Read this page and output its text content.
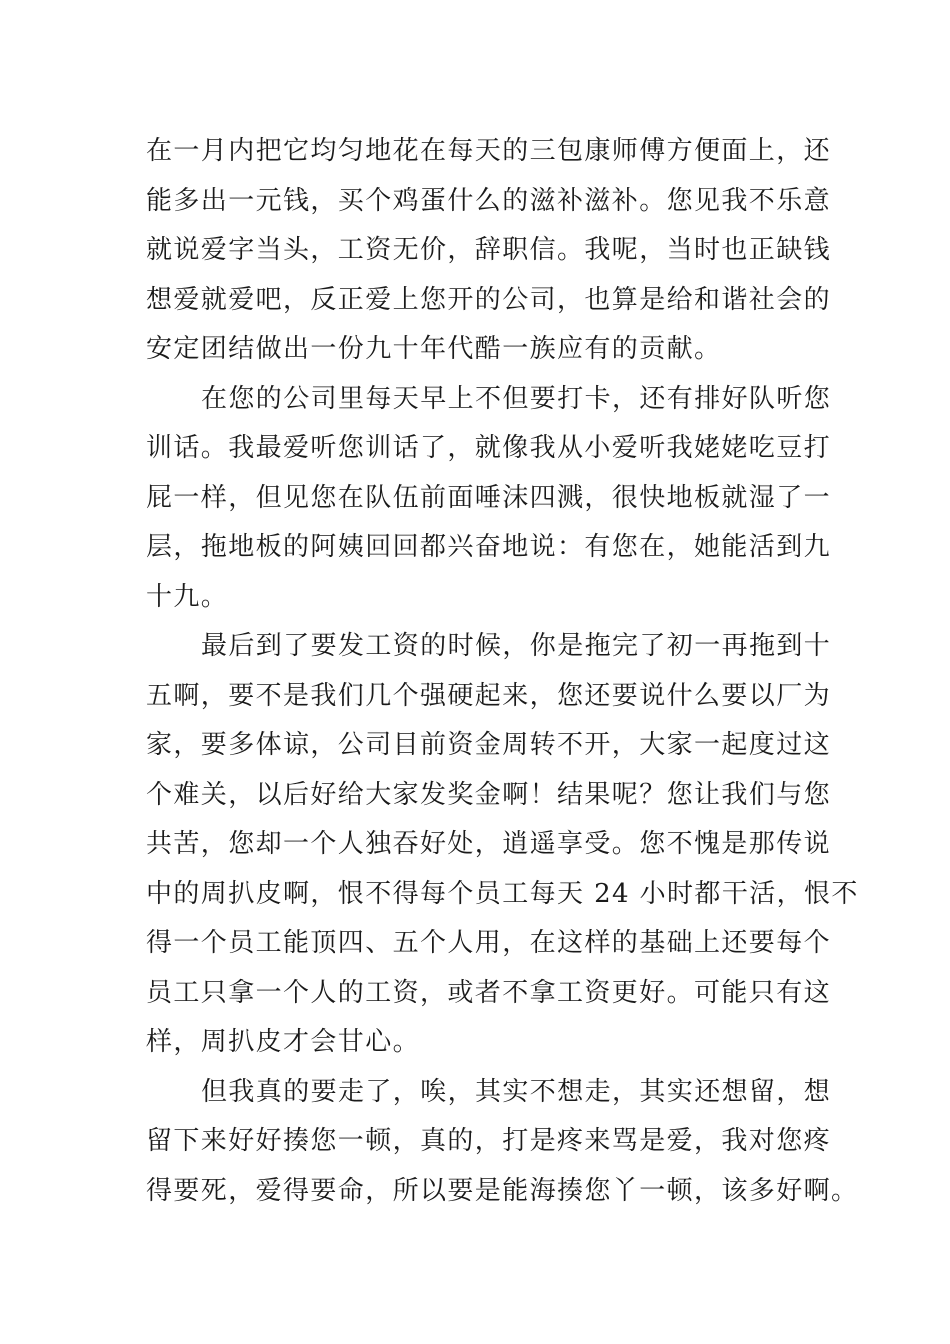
在一月内把它均匀地花在每天的三包康师傅方便面上，还
能多出一元钱，买个鸡蛋什么的滋补滋补。您见我不乐意
就说爱字当头，工资无价，辞职信。我呢，当时也正缺钱
想爱就爱吧，反正爱上您开的公司，也算是给和谐社会的
安定团结做出一份九十年代酷一族应有的贡献。
在您的公司里每天早上不但要打卡，还有排好队听您
训话。我最爱听您训话了，就像我从小爱听我姥姥吃豆打
屁一样，但见您在队伍前面唾沫四溅，很快地板就湿了一
层，拖地板的阿姨回回都兴奋地说：有您在，她能活到九
十九。
最后到了要发工资的时候，你是拖完了初一再拖到十
五啊，要不是我们几个强硬起来，您还要说什么要以厂为
家，要多体谅，公司目前资金周转不开，大家一起度过这
个难关，以后好给大家发奖金啊！结果呢？您让我们与您
共苦，您却一个人独吞好处，逍遥享受。您不愧是那传说
中的周扒皮啊，恨不得每个员工每天 24 小时都干活，恨不
得一个员工能顶四、五个人用，在这样的基础上还要每个
员工只拿一个人的工资，或者不拿工资更好。可能只有这
样，周扒皮才会甘心。
但我真的要走了，唉，其实不想走，其实还想留，想
留下来好好揍您一顿，真的，打是疼来骂是爱，我对您疼
得要死，爱得要命，所以要是能海揍您丫一顿，该多好啊。
